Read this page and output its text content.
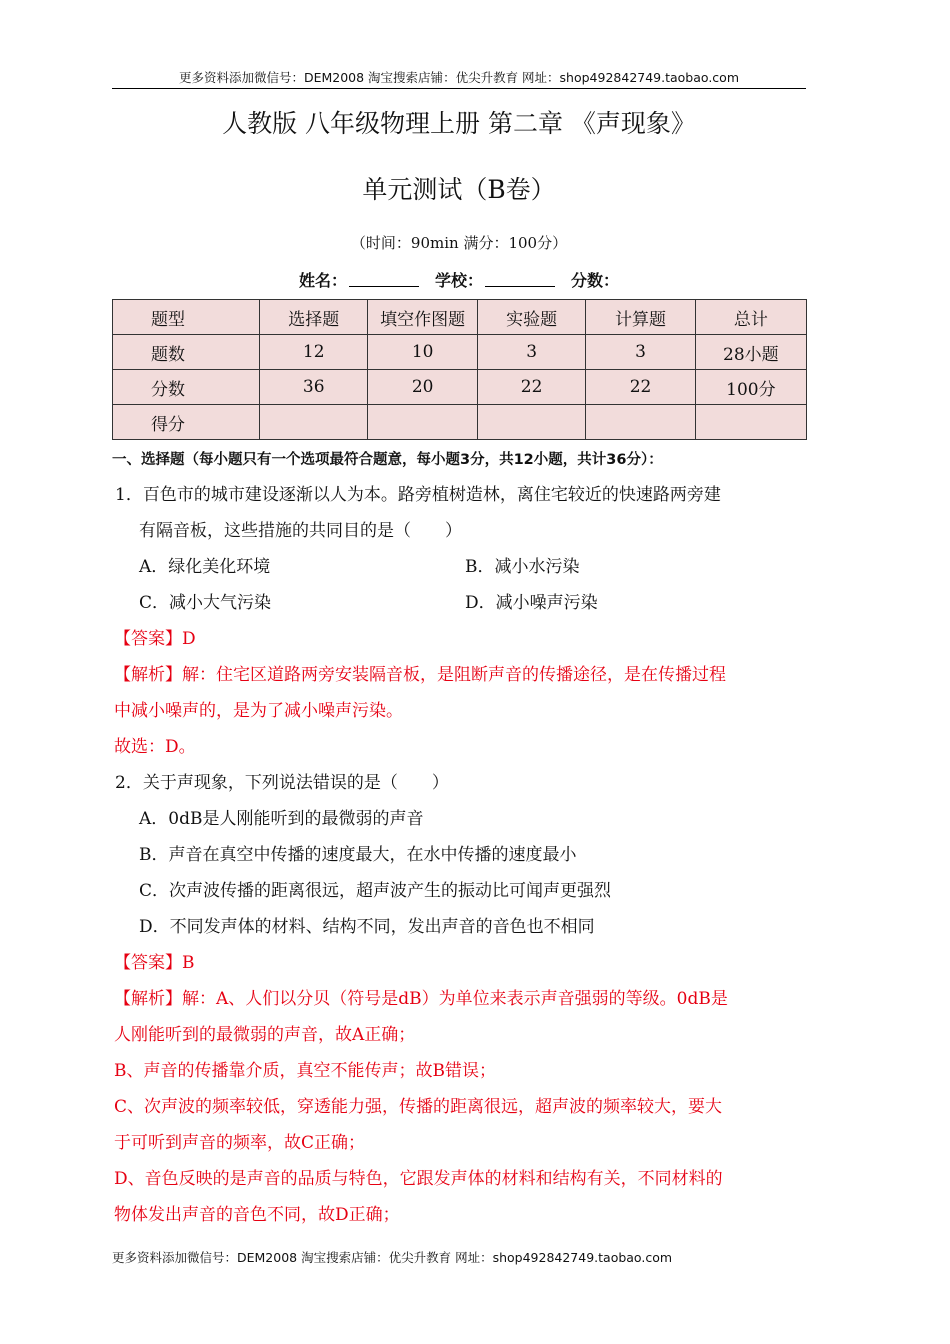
更多资料添加微信号：DEM2008 淘宝搜索店铺：优尖升教育 网址：shop492842749.taobao.com
人教版 八年级物理上册 第二章 《声现象》
单元测试（B卷）
（时间：90min 满分：100分）
姓名：	学校：	分数：
题型	选择题	填空作图题	实验题	计算题	总计
题数	12	10	3	3	28小题
分数	36	20	22	22	100分
得分					
一、选择题（每小题只有一个选项最符合题意，每小题3分，共12小题，共计36分）：
1．百色市的城市建设逐渐以人为本。路旁植树造林，离住宅较近的快速路两旁建
有隔音板，这些措施的共同目的是（　　）
A．绿化美化环境	B．减小水污染
C．减小大气污染	D．减小噪声污染
【答案】D
【解析】解：住宅区道路两旁安装隔音板，是阻断声音的传播途径，是在传播过程
中减小噪声的，是为了减小噪声污染。
故选：D。
2．关于声现象，下列说法错误的是（　　）
A．0dB是人刚能听到的最微弱的声音
B．声音在真空中传播的速度最大，在水中传播的速度最小
C．次声波传播的距离很远，超声波产生的振动比可闻声更强烈
D．不同发声体的材料、结构不同，发出声音的音色也不相同
【答案】B
【解析】解：A、人们以分贝（符号是dB）为单位来表示声音强弱的等级。0dB是
人刚能听到的最微弱的声音，故A正确；
B、声音的传播靠介质，真空不能传声；故B错误；
C、次声波的频率较低，穿透能力强，传播的距离很远，超声波的频率较大，要大
于可听到声音的频率，故C正确；
D、音色反映的是声音的品质与特色，它跟发声体的材料和结构有关，不同材料的
物体发出声音的音色不同，故D正确；
更多资料添加微信号：DEM2008 淘宝搜索店铺：优尖升教育 网址：shop492842749.taobao.com
